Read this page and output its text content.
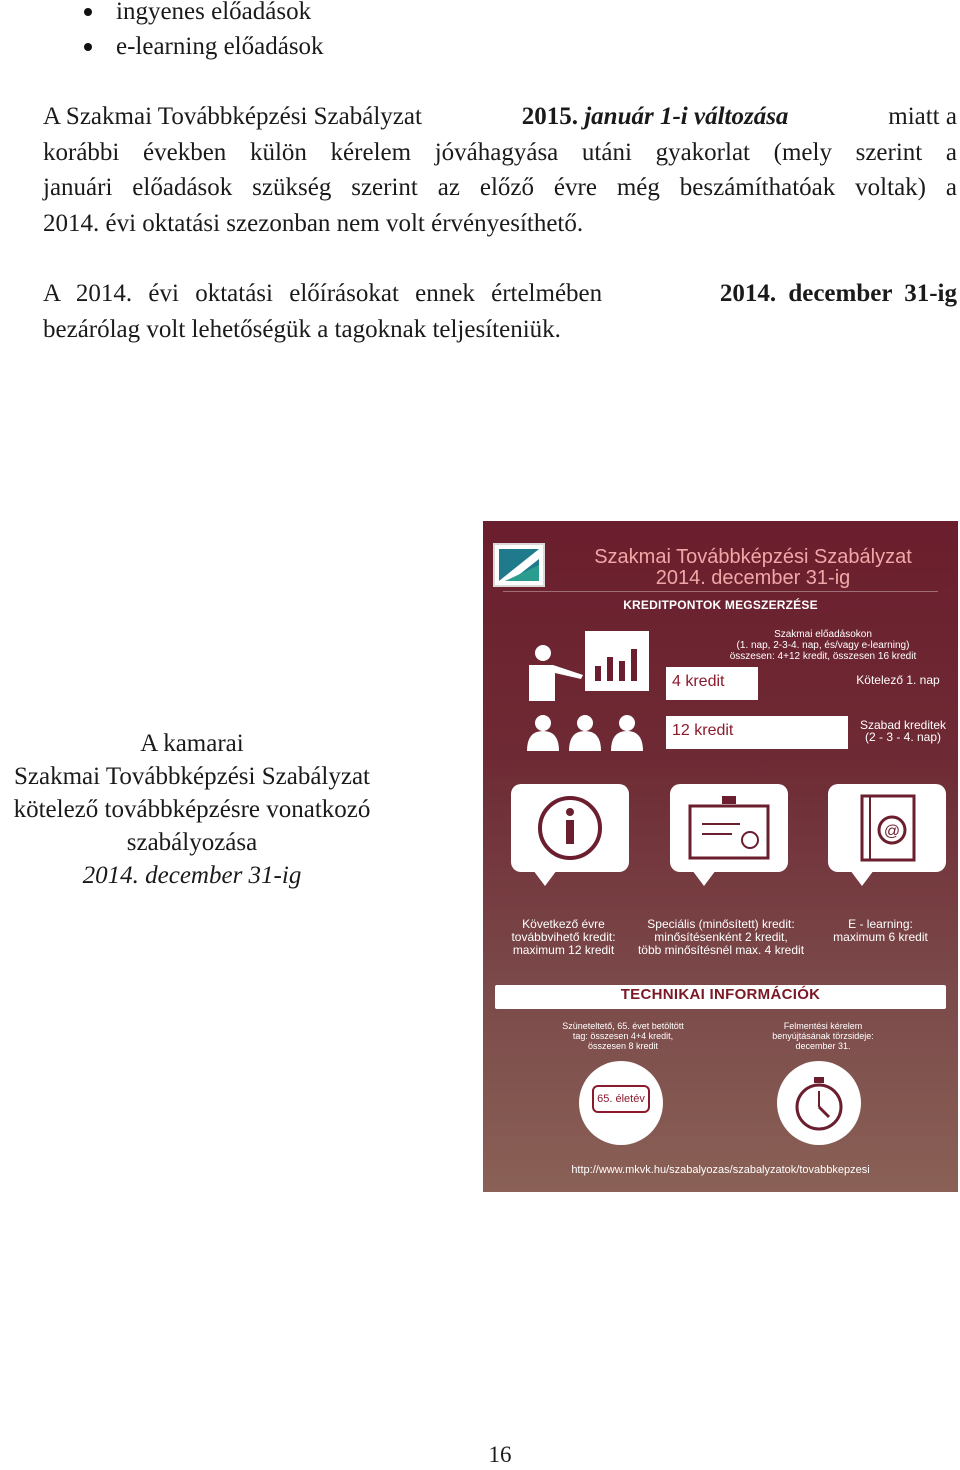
ingyenes előadások
e-learning előadások
A Szakmai Továbbképzési Szabályzat	2015. január 1-i változása	miatt a
korábbi években külön kérelem jóváhagyása utáni gyakorlat (mely szerint a
januári előadások szükség szerint az előző évre még beszámíthatóak voltak) a
2014. évi oktatási szezonban nem volt érvényesíthető.
A 2014. évi oktatási előírásokat ennek értelmében	2014. december 31-ig
bezárólag volt lehetőségük a tagoknak teljesíteniük.
A kamarai
Szakmai Továbbképzési Szabályzat
kötelező továbbképzésre vonatkozó
szabályozása
2014. december 31-ig
Szakmai Továbbképzési Szabályzat
2014. december 31-ig
KREDITPONTOK MEGSZERZÉSE
Szakmai előadásokon
(1. nap, 2-3-4. nap, és/vagy e-learning)
összesen: 4+12 kredit, összesen 16 kredit
4 kredit	Kötelező 1. nap
12 kredit	Szabad kreditek
(2 - 3 - 4. nap)
@
Következő évre
továbbvihető kredit:
maximum 12 kredit
Speciális (minősített) kredit:
minősítésenként 2 kredit,
több minősítésnél max. 4 kredit
E - learning:
maximum 6 kredit
TECHNIKAI INFORMÁCIÓK
Szüneteltető, 65. évet betöltött
tag: összesen 4+4 kredit,
összesen 8 kredit
Felmentési kérelem
benyújtásának törzsideje:
december 31.
65. életév
http://www.mkvk.hu/szabalyozas/szabalyzatok/tovabbkepzesi
16
